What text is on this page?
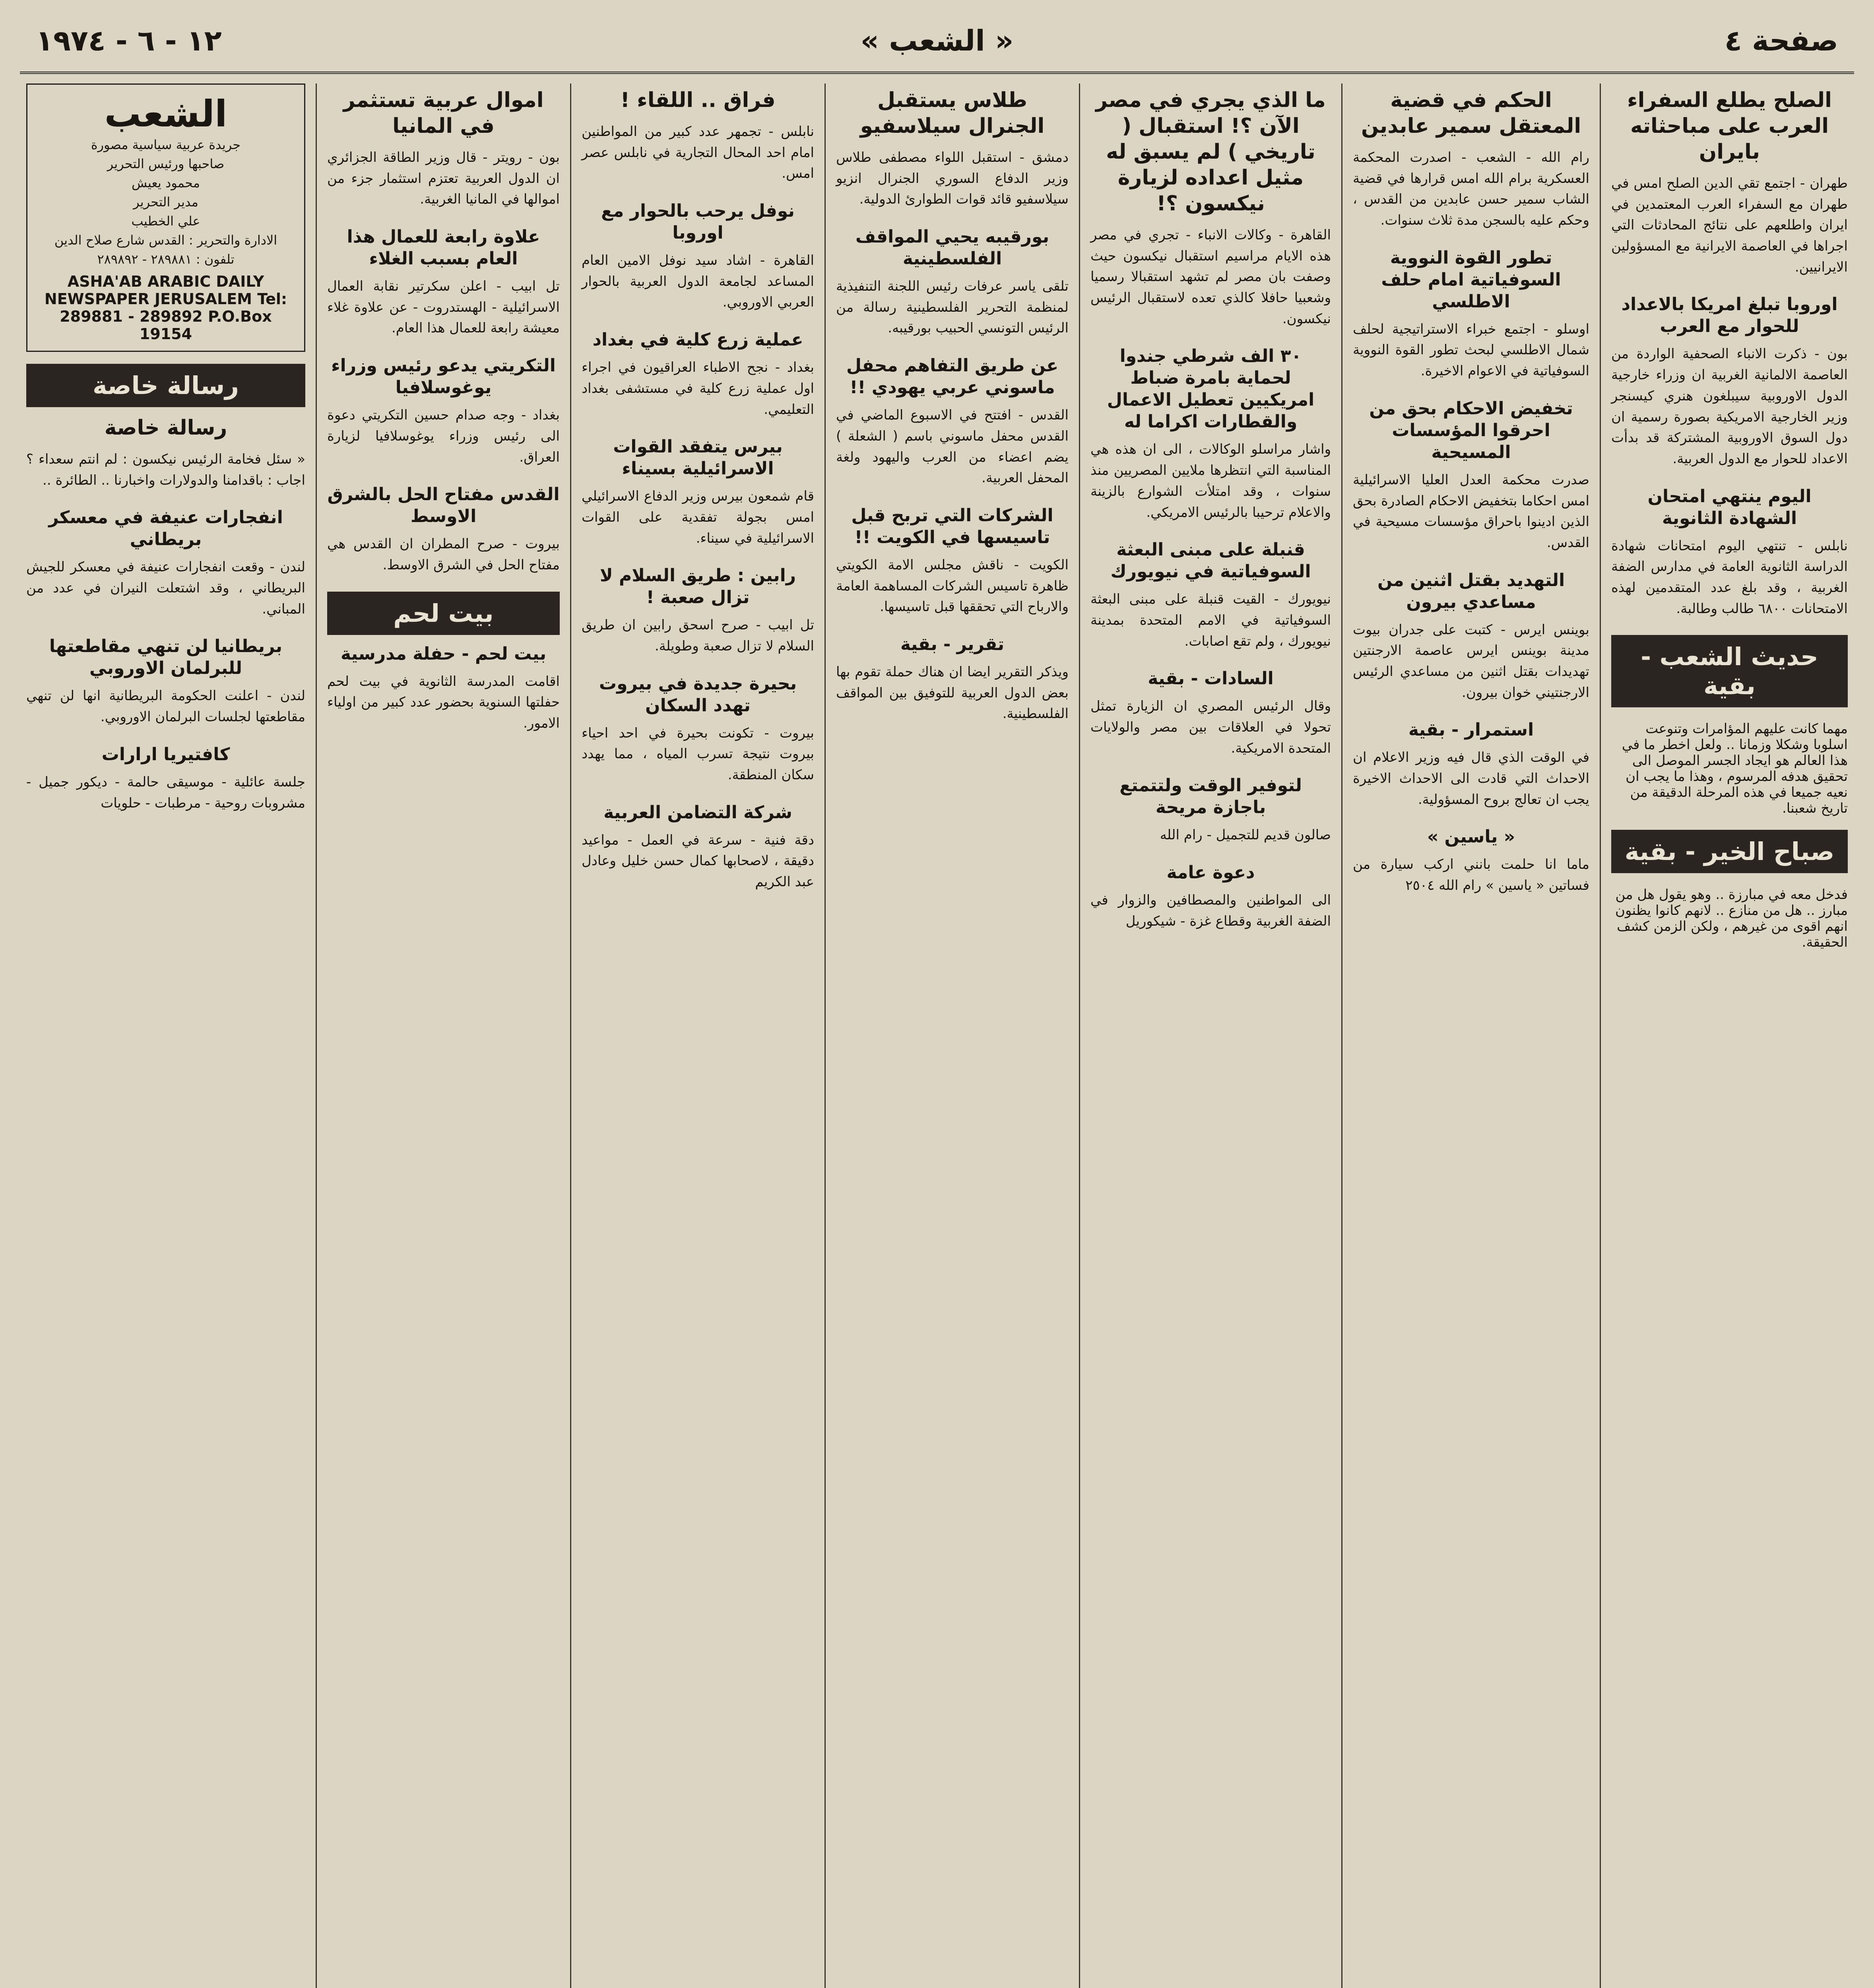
صفحة ٤
« الشعب »
١٢ - ٦ - ١٩٧٤
الصلح يطلع السفراء العرب على مباحثاته بايران

طهران - اجتمع تقي الدين الصلح امس في طهران مع السفراء العرب المعتمدين في ايران واطلعهم على نتائج المحادثات التي اجراها في العاصمة الايرانية مع المسؤولين الايرانيين.

اوروبا تبلغ امريكا بالاعداد للحوار مع العرب

بون - ذكرت الانباء الصحفية الواردة من العاصمة الالمانية الغربية ان وزراء خارجية الدول الاوروبية سيبلغون هنري كيسنجر وزير الخارجية الامريكية بصورة رسمية ان دول السوق الاوروبية المشتركة قد بدأت الاعداد للحوار مع الدول العربية.

اليوم ينتهي امتحان الشهادة الثانوية

نابلس - تنتهي اليوم امتحانات شهادة الدراسة الثانوية العامة في مدارس الضفة الغربية ، وقد بلغ عدد المتقدمين لهذه الامتحانات ٦٨٠٠ طالب وطالبة.

حديث الشعب - بقية

مهما كانت عليهم المؤامرات وتنوعت اسلوبا وشكلا وزمانا .. ولعل اخطر ما في هذا العالم هو ايجاد الجسر الموصل الى تحقيق هدفه المرسوم ، وهذا ما يجب ان نعيه جميعا في هذه المرحلة الدقيقة من تاريخ شعبنا.

صباح الخير - بقية

فدخل معه في مبارزة .. وهو يقول هل من مبارز .. هل من منازع .. لانهم كانوا يظنون انهم اقوى من غيرهم ، ولكن الزمن كشف الحقيقة.

الحكم في قضية المعتقل سمير عابدين

رام الله - الشعب - اصدرت المحكمة العسكرية برام الله امس قرارها في قضية الشاب سمير حسن عابدين من القدس ، وحكم عليه بالسجن مدة ثلاث سنوات.

تطور القوة النووية السوفياتية امام حلف الاطلسي

اوسلو - اجتمع خبراء الاستراتيجية لحلف شمال الاطلسي لبحث تطور القوة النووية السوفياتية في الاعوام الاخيرة.

تخفيض الاحكام بحق من احرقوا المؤسسات المسيحية

صدرت محكمة العدل العليا الاسرائيلية امس احكاما بتخفيض الاحكام الصادرة بحق الذين ادينوا باحراق مؤسسات مسيحية في القدس.

التهديد بقتل اثنين من مساعدي بيرون

بوينس ايرس - كتبت على جدران بيوت مدينة بوينس ايرس عاصمة الارجنتين تهديدات بقتل اثنين من مساعدي الرئيس الارجنتيني خوان بيرون.

استمرار - بقية

في الوقت الذي قال فيه وزير الاعلام ان الاحداث التي قادت الى الاحداث الاخيرة يجب ان تعالج بروح المسؤولية.

« ياسين »

ماما انا حلمت بانني اركب سيارة من فساتين « ياسين » رام الله ٢٥٠٤

ما الذي يجري في مصر الآن ؟! استقبال ( تاريخي ) لم يسبق له مثيل اعداده لزيارة نيكسون ؟!

القاهرة - وكالات الانباء - تجري في مصر هذه الايام مراسيم استقبال نيكسون حيث وصفت بان مصر لم تشهد استقبالا رسميا وشعبيا حافلا كالذي تعده لاستقبال الرئيس نيكسون.

٣٠ الف شرطي جندوا لحماية بامرة ضباط امريكيين تعطيل الاعمال والقطارات اكراما له

واشار مراسلو الوكالات ، الى ان هذه هي المناسبة التي انتظرها ملايين المصريين منذ سنوات ، وقد امتلأت الشوارع بالزينة والاعلام ترحيبا بالرئيس الامريكي.

قنبلة على مبنى البعثة السوفياتية في نيويورك

نيويورك - القيت قنبلة على مبنى البعثة السوفياتية في الامم المتحدة بمدينة نيويورك ، ولم تقع اصابات.

السادات - بقية

وقال الرئيس المصري ان الزيارة تمثل تحولا في العلاقات بين مصر والولايات المتحدة الامريكية.

لتوفير الوقت ولتتمتع باجازة مريحة

صالون قديم للتجميل - رام الله

دعوة عامة

الى المواطنين والمصطافين والزوار في الضفة الغربية وقطاع غزة - شيكوريل

طلاس يستقبل الجنرال سيلاسفيو

دمشق - استقبل اللواء مصطفى طلاس وزير الدفاع السوري الجنرال انزيو سيلاسفيو قائد قوات الطوارئ الدولية.

بورقيبه يحيي المواقف الفلسطينية

تلقى ياسر عرفات رئيس اللجنة التنفيذية لمنظمة التحرير الفلسطينية رسالة من الرئيس التونسي الحبيب بورقيبه.

عن طريق التفاهم محفل ماسوني عربي يهودي !!

القدس - افتتح في الاسبوع الماضي في القدس محفل ماسوني باسم ( الشعلة ) يضم اعضاء من العرب واليهود ولغة المحفل العربية.

الشركات التي تربح قبل تاسيسها في الكويت !!

الكويت - ناقش مجلس الامة الكويتي ظاهرة تاسيس الشركات المساهمة العامة والارباح التي تحققها قبل تاسيسها.

تقرير - بقية

ويذكر التقرير ايضا ان هناك حملة تقوم بها بعض الدول العربية للتوفيق بين المواقف الفلسطينية.

فراق .. اللقاء !

نابلس - تجمهر عدد كبير من المواطنين امام احد المحال التجارية في نابلس عصر امس.

نوفل يرحب بالحوار مع اوروبا

القاهرة - اشاد سيد نوفل الامين العام المساعد لجامعة الدول العربية بالحوار العربي الاوروبي.

عملية زرع كلية في بغداد

بغداد - نجح الاطباء العراقيون في اجراء اول عملية زرع كلية في مستشفى بغداد التعليمي.

بيرس يتفقد القوات الاسرائيلية بسيناء

قام شمعون بيرس وزير الدفاع الاسرائيلي امس بجولة تفقدية على القوات الاسرائيلية في سيناء.

رابين : طريق السلام لا تزال صعبة !

تل ابيب - صرح اسحق رابين ان طريق السلام لا تزال صعبة وطويلة.

بحيرة جديدة في بيروت تهدد السكان

بيروت - تكونت بحيرة في احد احياء بيروت نتيجة تسرب المياه ، مما يهدد سكان المنطقة.

شركة التضامن العربية

دقة فنية - سرعة في العمل - مواعيد دقيقة ، لاصحابها كمال حسن خليل وعادل عبد الكريم

اموال عربية تستثمر في المانيا

بون - رويتر - قال وزير الطاقة الجزائري ان الدول العربية تعتزم استثمار جزء من اموالها في المانيا الغربية.

علاوة رابعة للعمال هذا العام بسبب الغلاء

تل ابيب - اعلن سكرتير نقابة العمال الاسرائيلية - الهستدروت - عن علاوة غلاء معيشة رابعة للعمال هذا العام.

التكريتي يدعو رئيس وزراء يوغوسلافيا

بغداد - وجه صدام حسين التكريتي دعوة الى رئيس وزراء يوغوسلافيا لزيارة العراق.

القدس مفتاح الحل بالشرق الاوسط

بيروت - صرح المطران ان القدس هي مفتاح الحل في الشرق الاوسط.

بيت لحم
بيت لحم - حفلة مدرسية

اقامت المدرسة الثانوية في بيت لحم حفلتها السنوية بحضور عدد كبير من اولياء الامور.

الشعب
جريدة عربية سياسية مصورة
صاحبها ورئيس التحرير
محمود يعيش
مدير التحرير
علي الخطيب
الادارة والتحرير : القدس شارع صلاح الدين
تلفون : ٢٨٩٨٨١ - ٢٨٩٨٩٢
ASHA'AB ARABIC DAILY NEWSPAPER JERUSALEM Tel: 289881 - 289892 P.O.Box 19154
رسالة خاصة
رسالة خاصة

« سئل فخامة الرئيس نيكسون : لم انتم سعداء ؟ اجاب : باقدامنا والدولارات واخبارنا .. الطائرة ..

انفجارات عنيفة في معسكر بريطاني

لندن - وقعت انفجارات عنيفة في معسكر للجيش البريطاني ، وقد اشتعلت النيران في عدد من المباني.

بريطانيا لن تنهي مقاطعتها للبرلمان الاوروبي

لندن - اعلنت الحكومة البريطانية انها لن تنهي مقاطعتها لجلسات البرلمان الاوروبي.

كافتيريا ارارات

جلسة عائلية - موسيقى حالمة - ديكور جميل - مشروبات روحية - مرطبات - حلويات
